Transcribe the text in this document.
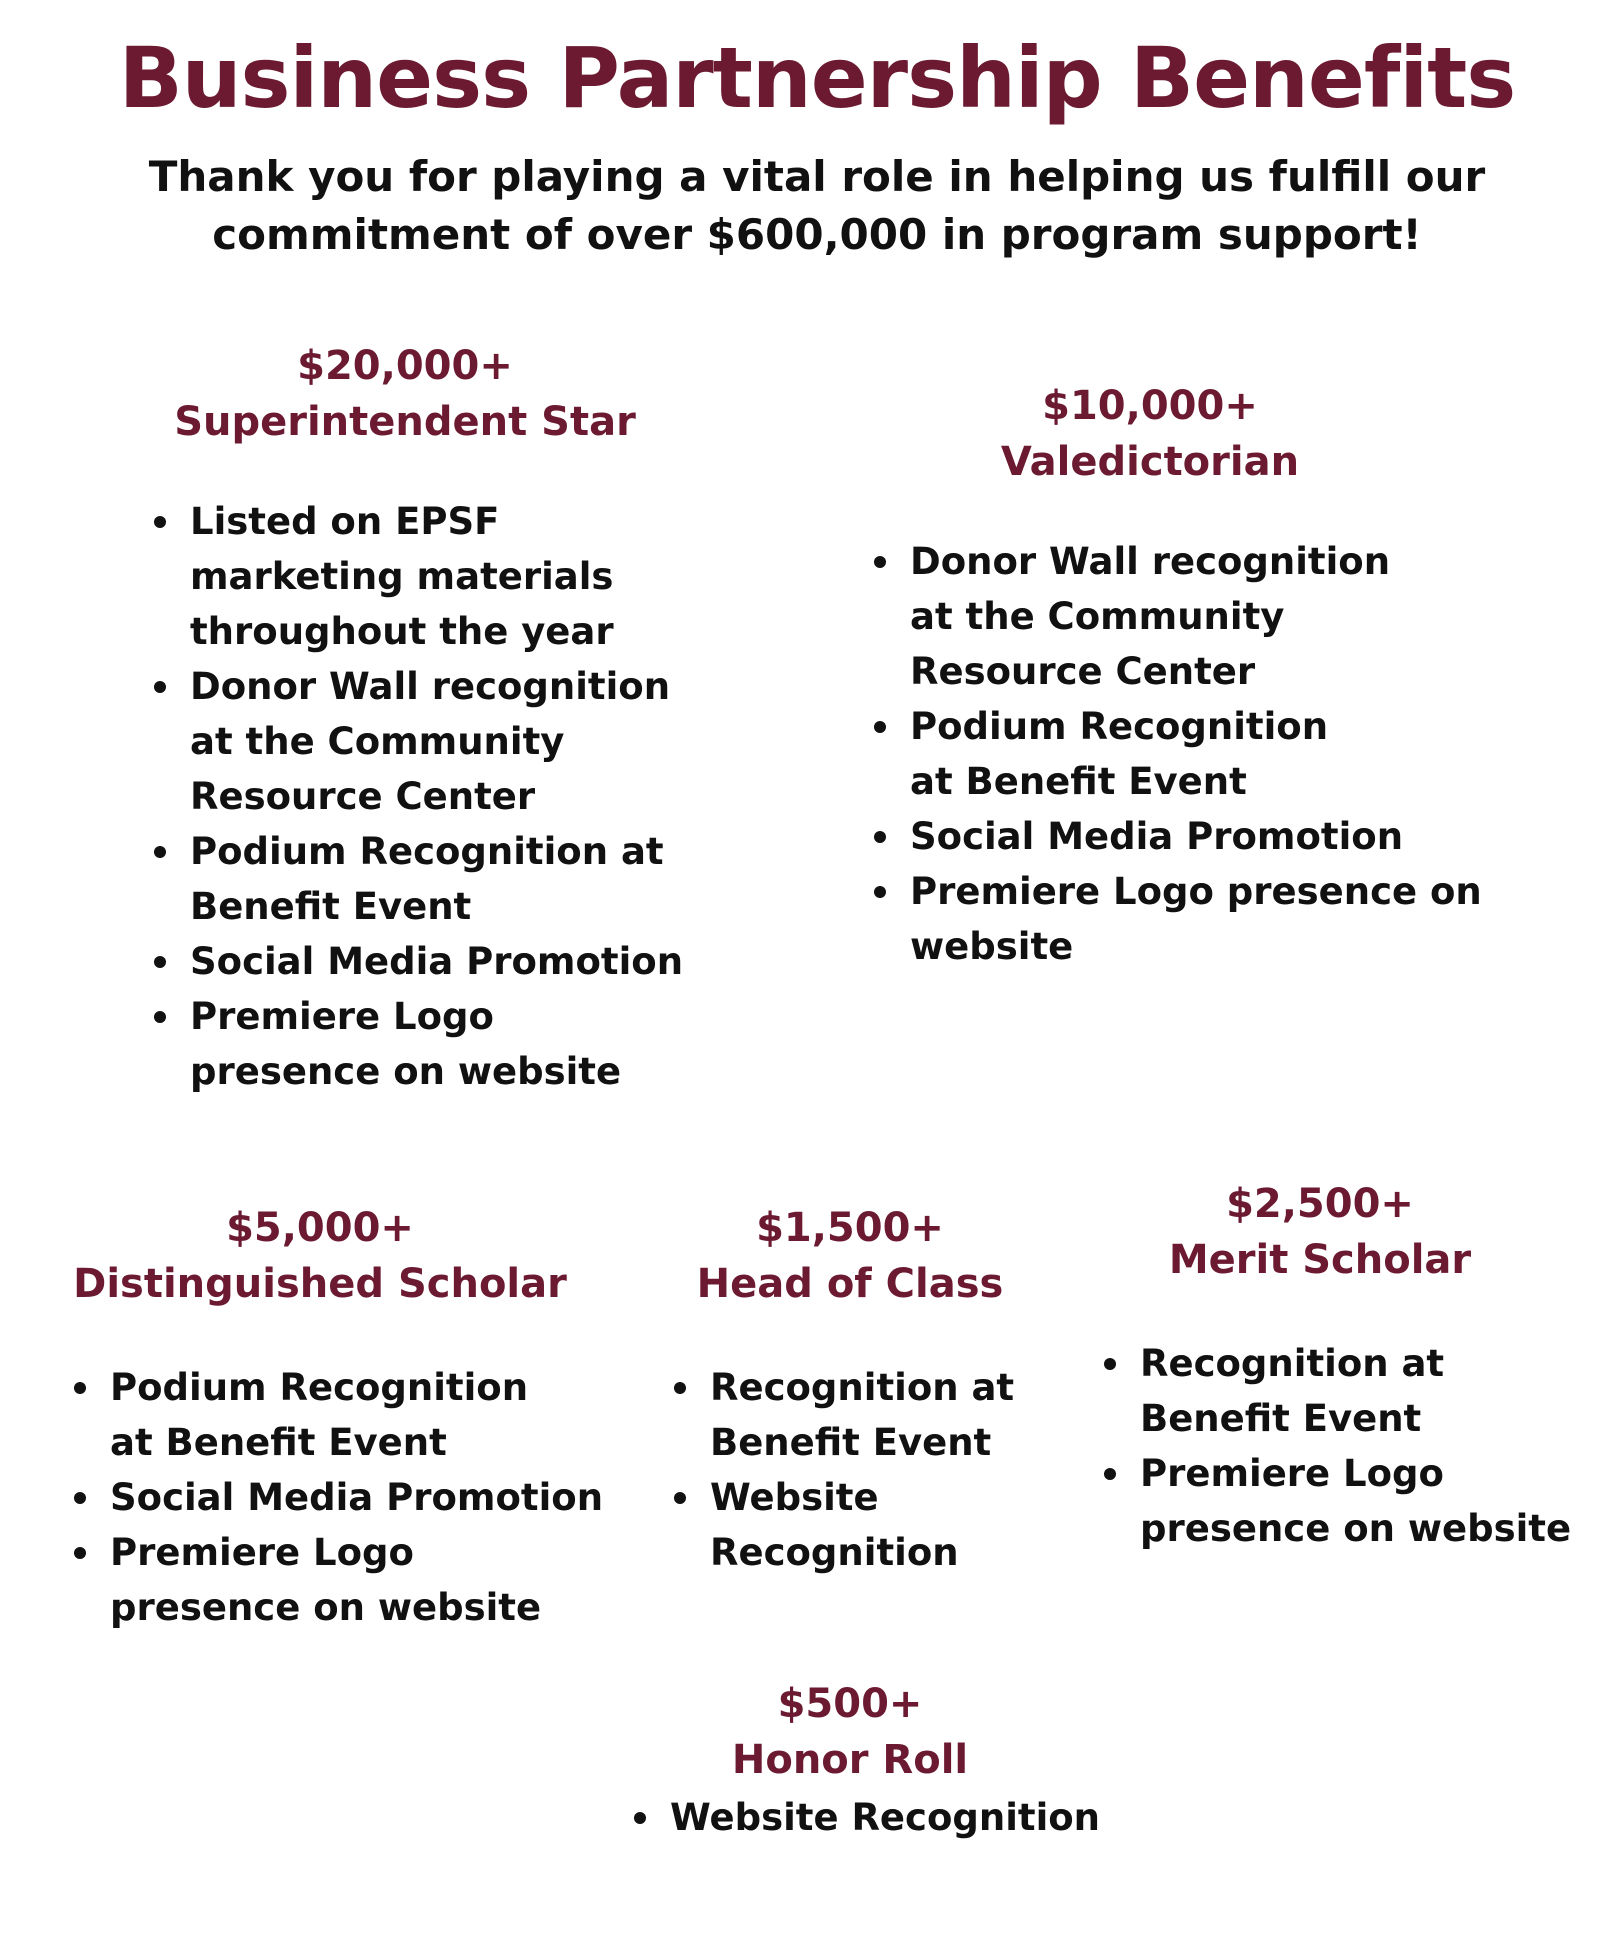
Business Partnership Benefits
Thank you for playing a vital role in helping us fulfill our
commitment of over $600,000 in program support!
$20,000+
Superintendent Star
Listed on EPSF marketing materials throughout the year
Donor Wall recognition at the Community Resource Center
Podium Recognition at Benefit Event
Social Media Promotion
Premiere Logo presence on website
$10,000+
Valedictorian
Donor Wall recognition at the Community Resource Center
Podium Recognition at Benefit Event
Social Media Promotion
Premiere Logo presence on website
$5,000+
Distinguished Scholar
Podium Recognition at Benefit Event
Social Media Promotion
Premiere Logo presence on website
$1,500+
Head of Class
Recognition at Benefit Event
Website Recognition
$2,500+
Merit Scholar
Recognition at Benefit Event
Premiere Logo presence on website
$500+
Honor Roll
Website Recognition
